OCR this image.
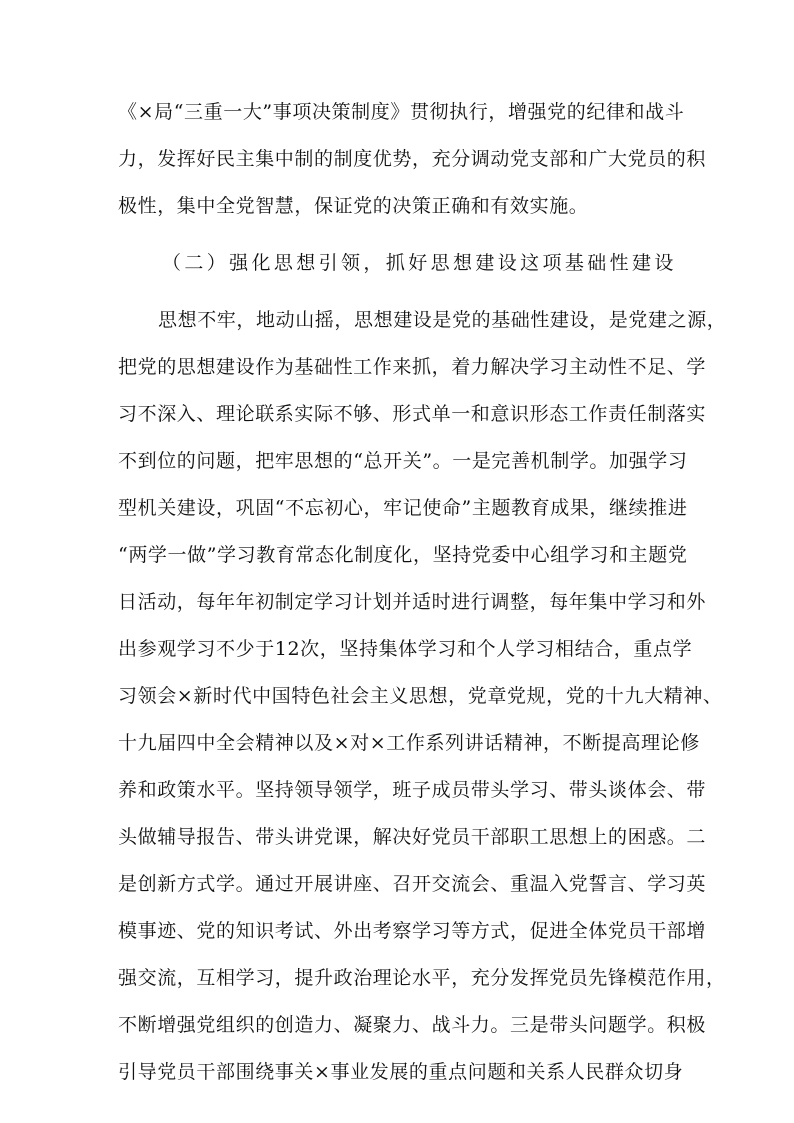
《×局“三重一大”事项决策制度》贯彻执行，增强党的纪律和战斗
力，发挥好民主集中制的制度优势，充分调动党支部和广大党员的积
极性，集中全党智慧，保证党的决策正确和有效实施。
（二）强化思想引领，抓好思想建设这项基础性建设
思想不牢，地动山摇，思想建设是党的基础性建设，是党建之源，
把党的思想建设作为基础性工作来抓，着力解决学习主动性不足、学
习不深入、理论联系实际不够、形式单一和意识形态工作责任制落实
不到位的问题，把牢思想的“总开关”。一是完善机制学。加强学习
型机关建设，巩固“不忘初心，牢记使命”主题教育成果，继续推进
“两学一做”学习教育常态化制度化，坚持党委中心组学习和主题党
日活动，每年年初制定学习计划并适时进行调整，每年集中学习和外
出参观学习不少于12次，坚持集体学习和个人学习相结合，重点学
习领会×新时代中国特色社会主义思想，党章党规，党的十九大精神、
十九届四中全会精神以及×对×工作系列讲话精神，不断提高理论修
养和政策水平。坚持领导领学，班子成员带头学习、带头谈体会、带
头做辅导报告、带头讲党课，解决好党员干部职工思想上的困惑。二
是创新方式学。通过开展讲座、召开交流会、重温入党誓言、学习英
模事迹、党的知识考试、外出考察学习等方式，促进全体党员干部增
强交流，互相学习，提升政治理论水平，充分发挥党员先锋模范作用，
不断增强党组织的创造力、凝聚力、战斗力。三是带头问题学。积极
引导党员干部围绕事关×事业发展的重点问题和关系人民群众切身
